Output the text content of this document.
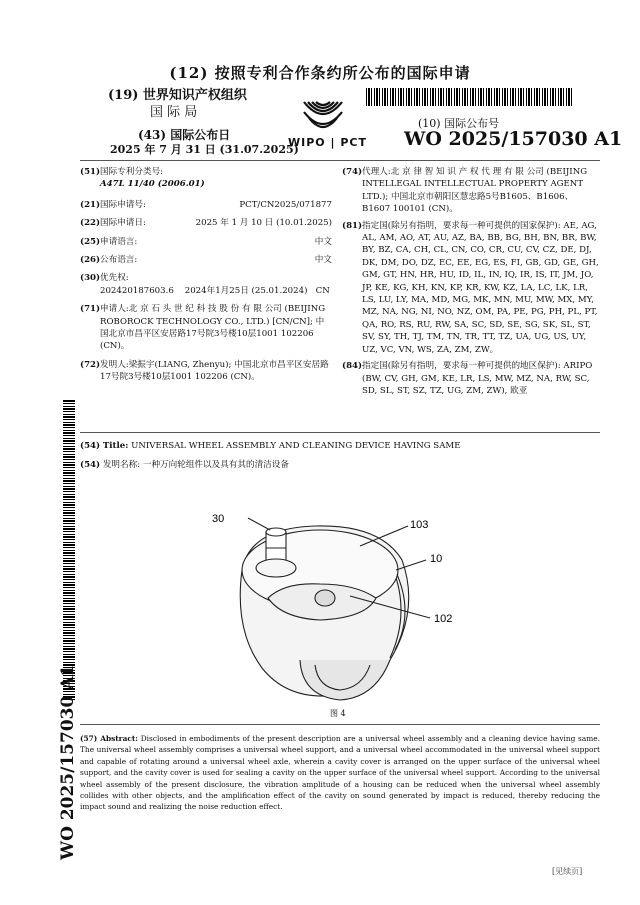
(12) 按照专利合作条约所公布的国际申请
(19) 世界知识产权组织
国 际 局
(43) 国际公布日
2025 年 7 月 31 日 (31.07.2025)
WIPO | PCT
(10) 国际公布号
WO 2025/157030 A1
(51) 国际专利分类号:
A47L 11/40 (2006.01)
(21) 国际申请号:	PCT/CN2025/071877
(22) 国际申请日:	2025 年 1 月 10 日 (10.01.2025)
(25) 申请语言:	中文
(26) 公布语言:	中文
(30) 优先权:
202420187603.6    2024年1月25日 (25.01.2024)   CN
(71) 申请人:北 京 石 头 世 纪 科 技 股 份 有 限 公司 (BEIJING ROBOROCK TECHNOLOGY CO., LTD.) [CN/CN]; 中国北京市昌平区安居路17号院3号楼10层1001 102206 (CN)。
(72) 发明人:梁振宇(LIANG, Zhenyu); 中国北京市昌平区安居路17号院3号楼10层1001 102206 (CN)。
(74) 代理人:北 京 律 智 知 识 产 权 代 理 有 限 公司 (BEIJING INTELLEGAL INTELLECTUAL PROPERTY AGENT LTD.); 中国北京市朝阳区慧忠路5号B1605、B1606、B1607 100101 (CN)。
(81) 指定国(除另有指明，要求每一种可提供的国家保护): AE, AG, AL, AM, AO, AT, AU, AZ, BA, BB, BG, BH, BN, BR, BW, BY, BZ, CA, CH, CL, CN, CO, CR, CU, CV, CZ, DE, DJ, DK, DM, DO, DZ, EC, EE, EG, ES, FI, GB, GD, GE, GH, GM, GT, HN, HR, HU, ID, IL, IN, IQ, IR, IS, IT, JM, JO, JP, KE, KG, KH, KN, KP, KR, KW, KZ, LA, LC, LK, LR, LS, LU, LY, MA, MD, MG, MK, MN, MU, MW, MX, MY, MZ, NA, NG, NI, NO, NZ, OM, PA, PE, PG, PH, PL, PT, QA, RO, RS, RU, RW, SA, SC, SD, SE, SG, SK, SL, ST, SV, SY, TH, TJ, TM, TN, TR, TT, TZ, UA, UG, US, UY, UZ, VC, VN, WS, ZA, ZM, ZW。
(84) 指定国(除另有指明，要求每一种可提供的地区保护): ARIPO (BW, CV, GH, GM, KE, LR, LS, MW, MZ, NA, RW, SC, SD, SL, ST, SZ, TZ, UG, ZM, ZW), 欧亚
WO 2025/157030 A1
(54) Title: UNIVERSAL WHEEL ASSEMBLY AND CLEANING DEVICE HAVING SAME
(54) 发明名称: 一种万向轮组件以及具有其的清洁设备
30	103
10
102
图 4
(57) Abstract: Disclosed in embodiments of the present description are a universal wheel assembly and a cleaning device having same. The universal wheel assembly comprises a universal wheel support, and a universal wheel accommodated in the universal wheel support and capable of rotating around a universal wheel axle, wherein a cavity cover is arranged on the upper surface of the universal wheel support, and the cavity cover is used for sealing a cavity on the upper surface of the universal wheel support. According to the universal wheel assembly of the present disclosure, the vibration amplitude of a housing can be reduced when the universal wheel assembly collides with other objects, and the amplification effect of the cavity on sound generated by impact is reduced, thereby reducing the impact sound and realizing the noise reduction effect.
[见续页]
